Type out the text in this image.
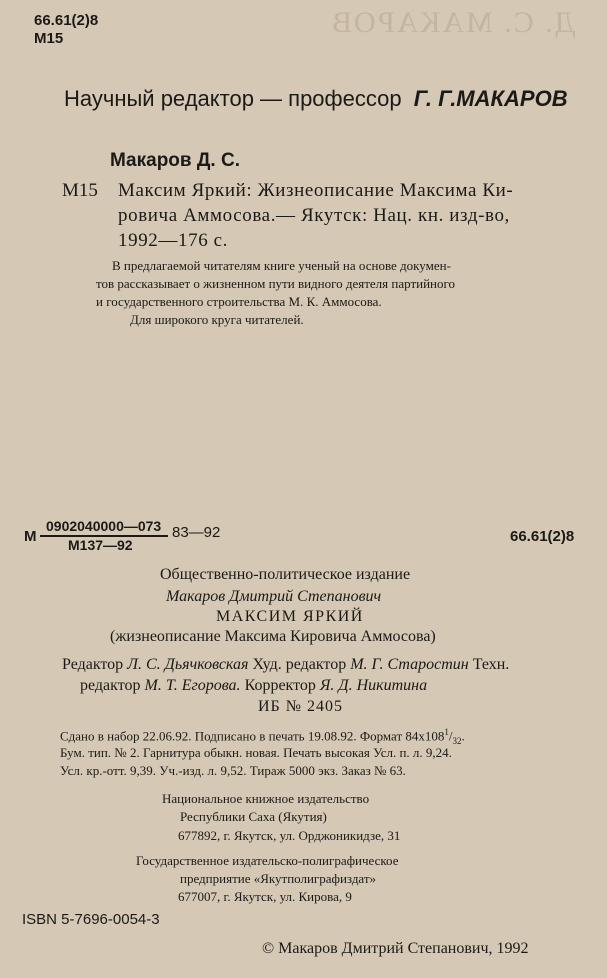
Д. С. МАКАРОВ
66.61(2)8
М15
Научный редактор — профессор Г. Г.МАКАРОВ
Макаров Д. С.
М15 Максим Яркий: Жизнеописание Максима Ки-
ровича Аммосова.— Якутск: Нац. кн. изд-во,
1992—176 с.
В предлагаемой читателям книге ученый на основе докумен-
тов рассказывает о жизненном пути видного деятеля партийного
и государственного строительства М. К. Аммосова.
Для широкого круга читателей.
М
0902040000—073
М137—92
83—92	66.61(2)8
Общественно-политическое издание
Макаров Дмитрий Степанович
МАКСИМ ЯРКИЙ
(жизнеописание Максима Кировича Аммосова)
Редактор Л. С. Дьячковская Худ. редактор М. Г. Старостин Техн.
редактор М. Т. Егорова. Корректор Я. Д. Никитина
ИБ № 2405
Сдано в набор 22.06.92. Подписано в печать 19.08.92. Формат $84x108^1/_{32}$.
Бум. тип. № 2. Гарнитура обыкн. новая. Печать высокая Усл. п. л. 9,24.
Усл. кр.-отт. 9,39. Уч.-изд. л. 9,52. Тираж 5000 экз. Заказ № 63.
Национальное книжное издательство
Республики Саха (Якутия)
677892, г. Якутск, ул. Орджоникидзе, 31
Государственное издательско-полиграфическое
предприятие «Якутполиграфиздат»
677007, г. Якутск, ул. Кирова, 9
ISBN 5-7696-0054-3
© Макаров Дмитрий Степанович, 1992
